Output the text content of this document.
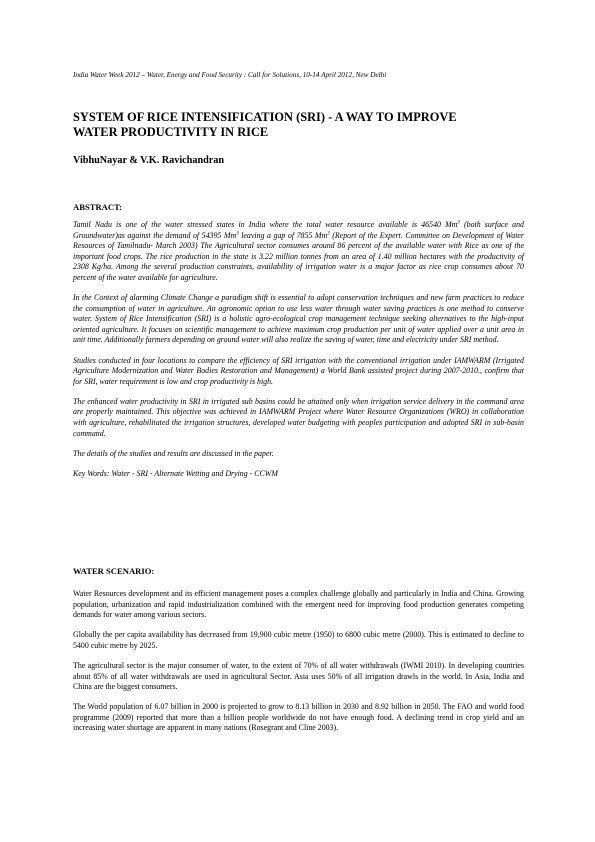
India Water Week 2012 – Water, Energy and Food Security : Call for Solutions, 10-14 April 2012, New Delhi
SYSTEM OF RICE INTENSIFICATION (SRI) - A WAY TO IMPROVE
WATER PRODUCTIVITY IN RICE

VibhuNayar & V.K. Ravichandran

ABSTRACT:

Tamil Nadu is one of the water stressed states in India where the total water resource available is 46540 Mm$^3$ (both surface and Groundwater)as against the demand of 54395 Mm$^3$ leaving a gap of 7855 Mm$^3$ (Report of the Expert. Committee on Development of Water Resources of Tamilnadu- March 2003) The Agricultural sector consumes around 86 percent of the available water with Rice as one of the important food crops. The rice production in the state is 3.22 million tonnes from an area of 1.40 million hectares with the productivity of 2308 Kg/ha. Among the several production constraints, availability of irrigation water is a major factor as rice crop consumes about 70 percent of the water available for agriculture.

In the Context of alarming Climate Change a paradigm shift is essential to adopt conservation techniques and new farm practices to reduce the consumption of water in agriculture. An agronomic option to use less water through water saving practices is one method to conserve water. System of Rice Intensification (SRI) is a holistic agro-ecological crop management technique seeking alternatives to the high-input oriented agriculture. It focuses on scientific management to achieve maximum crop production per unit of water applied over a unit area in unit time. Additionally farmers depending on ground water will also realize the saving of water, time and electricity under SRI method.

Studies conducted in four locations to compare the efficiency of SRI irrigation with the conventional irrigation under IAMWARM (Irrigated Agriculture Modernization and Water Bodies Restoration and Management) a World Bank assisted project during 2007-2010., confirm that for SRI, water requirement is low and crop productivity is high.

The enhanced water productivity in SRI in irrigated sub basins could be attained only when irrigation service delivery in the command area are properly maintained. This objective was achieved in IAMWARM Project where Water Resource Organizations (WRO) in collaboration with agriculture, rehabilitated the irrigation structures, developed water budgeting with peoples participation and adopted SRI in sub-basin command.

The details of the studies and results are discussed in the paper.

Key Words: Water - SRI - Alternate Wetting and Drying - CCWM

WATER SCENARIO:

Water Resources development and its efficient management poses a complex challenge globally and particularly in India and China. Growing population, urbanization and rapid industrialization combined with the emergent need for improving food production generates competing demands for water among various sectors.

Globally the per capita availability has decreased from 19,900 cubic metre (1950) to 6800 cubic metre (2000). This is estimated to decline to 5400 cubic metre by 2025.

The agricultural sector is the major consumer of water, to the extent of 70% of all water withdrawals (IWMI 2010). In developing countries about 85% of all water withdrawals are used in agricultural Sector. Asia uses 50% of all irrigation drawls in the world. In Asia, India and China are the biggest consumers.

The World population of 6.07 billion in 2000 is projected to grow to 8.13 billion in 2030 and 8.92 billion in 2050. The FAO and world food programme (2009) reported that more than a billion people worldwide do not have enough food. A declining trend in crop yield and an increasing water shortage are apparent in many nations (Rosegrant and Cline 2003).
